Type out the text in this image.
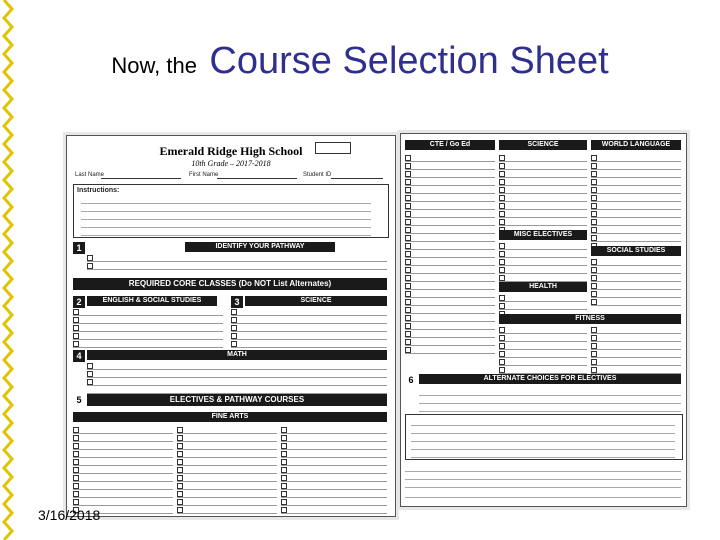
Now, the Course Selection Sheet
Emerald Ridge High School
10th Grade – 2017-2018
Last Name	First Name	Student ID
Instructions:
1	IDENTIFY YOUR PATHWAY
REQUIRED CORE CLASSES (Do NOT List Alternates)
2	ENGLISH & SOCIAL STUDIES	3	SCIENCE
4	MATH
5	ELECTIVES & PATHWAY COURSES
FINE ARTS
CTE / Go Ed	SCIENCE	WORLD LANGUAGE
MISC ELECTIVES
SOCIAL STUDIES
HEALTH
FITNESS
6	ALTERNATE CHOICES FOR ELECTIVES
3/16/2018
